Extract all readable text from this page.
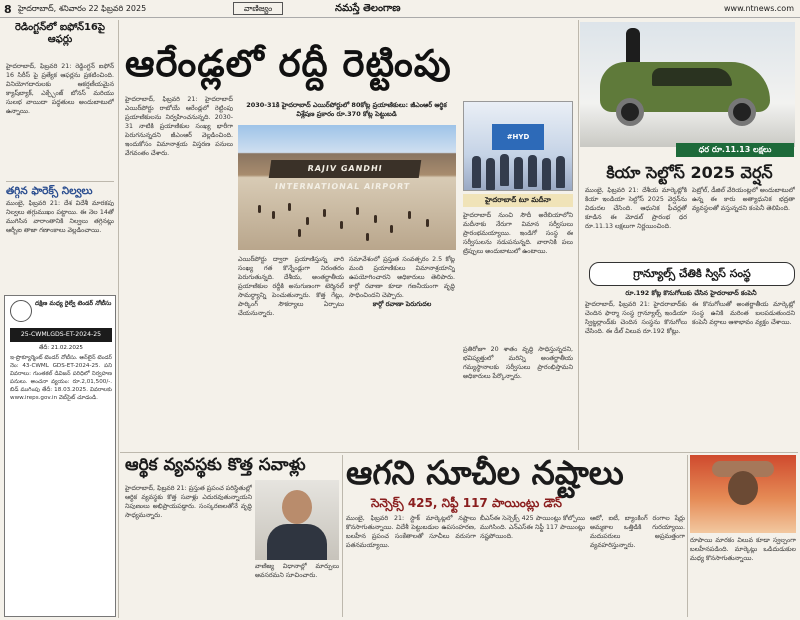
8 హైదరాబాద్, శనివారం 22 ఫిబ్రవరి 2025	వాణిజ్యం	నమస్తే తెలంగాణ	www.ntnews.com
రెడింగ్టన్‌లో ఐఫోన్‌16పై ఆఫర్లు
హైదరాబాద్, ఫిబ్రవరి 21: రెడ్డింగ్టన్ ఐఫోన్ 16 సిరీస్ పై ప్రత్యేక ఆఫర్లను ప్రకటించింది. వినియోగదారులకు ఆకర్షణీయమైన క్యాష్‌బ్యాక్, ఎక్స్చేంజ్ బోనస్ మరియు సులభ వాయిదా పద్ధతులు అందుబాటులో ఉన్నాయి.
తగ్గిన ఫారెక్స్ నిల్వలు
ముంబై, ఫిబ్రవరి 21: దేశ విదేశీ మారకపు నిల్వలు తగ్గుముఖం పట్టాయి. ఈ నెల 14తో ముగిసిన వారాంతానికి నిల్వలు తగ్గినట్లు ఆర్బీఐ తాజా గణాంకాలు వెల్లడించాయి.
దక్షిణ మధ్య రైల్వే టెండర్ నోటీసు
25-CWMLGDS-ET-2024-25
తేదీ: 21.02.2025
ఇ-ప్రొక్యూర్మెంట్ టెండర్ నోటీసు. ఆన్‌లైన్ టెండర్ నెం: 43-CWML GDS-ET-2024-25. పని వివరాలు: గుంతకల్ డివిజన్ పరిధిలో నిర్వహణ పనులు. అంచనా వ్యయం: రూ.2,01,500/-. బిడ్ ముగింపు తేదీ: 18.03.2025. వివరాలకు www.ireps.gov.in వెబ్‌సైట్ చూడండి.
ఆరేండ్లలో రద్దీ రెట్టింపు
హైదరాబాద్, ఫిబ్రవరి 21: హైదరాబాద్ ఎయిర్‌పోర్టు రాబోయే ఆరేండ్లలో రెట్టింపు ప్రయాణికులను నిర్వహించనున్నది. 2030-31 నాటికి ప్రయాణికుల సంఖ్య భారీగా పెరుగనున్నదని జీఎంఆర్ వెల్లడించింది. ఇందుకోసం విమానాశ్రయ విస్తరణ పనులు వేగవంతం చేశారు.
2030-31కి హైదరాబాద్ ఎయిర్‌పోర్టులో 80కోట్ల ప్రయాణికులు: జీఎంఆర్ ఆర్థిక విశ్లేషణ ప్రకారం రూ.370 కోట్ల పెట్టుబడి
RAJIV GANDHI INTERNATIONAL AIRPORT
ఎయిర్‌పోర్టు ద్వారా ప్రయాణిస్తున్న వారి సంఖ్య గత కొన్నేండ్లుగా నిరంతరం పెరుగుతున్నది. దేశీయ, అంతర్జాతీయ ప్రయాణికుల రద్దీకి అనుగుణంగా టెర్మినల్ సామర్థ్యాన్ని పెంచుతున్నారు. కొత్త గేట్లు, పార్కింగ్ సౌకర్యాలు ఏర్పాటు చేయనున్నారు.
సమావేశంలో ప్రస్తుత సంవత్సరం 2.5 కోట్ల మంది ప్రయాణికులు విమానాశ్రయాన్ని ఉపయోగించారని అధికారులు తెలిపారు. కార్గో రవాణా కూడా గణనీయంగా వృద్ధి సాధించిందని చెప్పారు.
కార్గో రవాణా పెరుగుదల
#HYD
హైదరాబాద్ టూ మదీనా
హైదరాబాద్ నుంచి సౌదీ అరేబియాలోని మదీనాకు నేరుగా విమాన సర్వీసులు ప్రారంభమయ్యాయి. ఇండిగో సంస్థ ఈ సర్వీసులను నడుపనున్నది. వారానికి పలు ట్రిప్పులు అందుబాటులో ఉంటాయి.
ప్రతిరోజూ 20 శాతం వృద్ధి సాధిస్తున్నదని, భవిష్యత్తులో మరిన్ని అంతర్జాతీయ గమ్యస్థానాలకు సర్వీసులు ప్రారంభిస్తామని అధికారులు పేర్కొన్నారు.
ధర రూ.11.13 లక్షలు
కియా సెల్టోస్ 2025 వెర్షన్
ముంబై, ఫిబ్రవరి 21: దేశీయ మార్కెట్లోకి కియా ఇండియా సెల్టోస్ 2025 వెర్షన్‌ను విడుదల చేసింది. ఆధునిక ఫీచర్లతో కూడిన ఈ మోడల్ ప్రారంభ ధర రూ.11.13 లక్షలుగా నిర్ణయించింది.
పెట్రోల్, డీజిల్ వేరియంట్లలో అందుబాటులో ఉన్న ఈ కారు అత్యాధునిక భద్రతా వ్యవస్థలతో వస్తున్నదని కంపెనీ తెలిపింది.
గ్రాన్యూల్స్ చేతికి స్విస్ సంస్థ
రూ.192 కోట్ల కొనుగోలుకు చేసిన హైదరాబాద్ కంపెనీ
హైదరాబాద్, ఫిబ్రవరి 21: హైదరాబాద్‌కు చెందిన ఫార్మా సంస్థ గ్రాన్యూల్స్ ఇండియా స్విట్జర్లాండ్‌కు చెందిన సంస్థను కొనుగోలు చేసింది. ఈ డీల్ విలువ రూ.192 కోట్లు.
ఈ కొనుగోలుతో అంతర్జాతీయ మార్కెట్లో సంస్థ ఉనికి మరింత బలపడుతుందని కంపెనీ వర్గాలు ఆశాభావం వ్యక్తం చేశాయి.
ఆర్థిక వ్యవస్థకు కొత్త సవాళ్లు
హైదరాబాద్, ఫిబ్రవరి 21: ప్రస్తుత ప్రపంచ పరిస్థితుల్లో ఆర్థిక వ్యవస్థకు కొత్త సవాళ్లు ఎదురవుతున్నాయని నిపుణులు అభిప్రాయపడ్డారు. సంస్కరణలతోనే వృద్ధి సాధ్యమన్నారు.
వాణిజ్య విధానాల్లో మార్పులు అవసరమని సూచించారు.
ఆగని సూచీల నష్టాలు
సెన్సెక్స్ 425, నిఫ్టీ 117 పాయింట్లు డౌన్
ముంబై, ఫిబ్రవరి 21: స్టాక్ మార్కెట్లలో నష్టాలు కొనసాగుతున్నాయి. విదేశీ పెట్టుబడుల ఉపసంహరణ, బలహీన ప్రపంచ సంకేతాలతో సూచీలు వరుసగా పతనమయ్యాయి.
బీఎస్ఈ సెన్సెక్స్ 425 పాయింట్లు కోల్పోయి ముగిసింది. ఎన్ఎస్ఈ నిఫ్టీ 117 పాయింట్లు నష్టపోయింది.
ఆటో, ఐటీ, బ్యాంకింగ్ రంగాల షేర్లు అమ్మకాల ఒత్తిడికి గురయ్యాయి. మదుపరులు అప్రమత్తంగా వ్యవహరిస్తున్నారు.
రూపాయి మారకం విలువ కూడా స్వల్పంగా బలహీనపడింది. మార్కెట్లు ఒడిదుడుకుల మధ్య కొనసాగుతున్నాయి.
